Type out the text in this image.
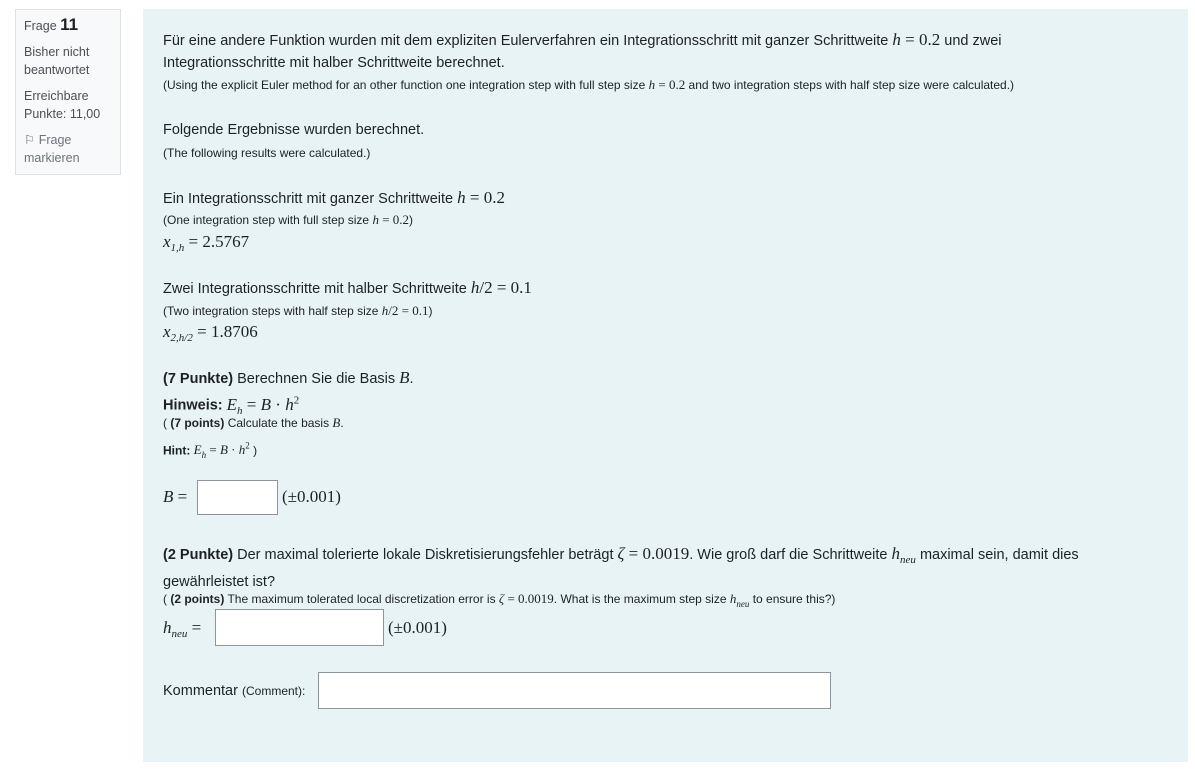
Frage 11
Bisher nicht beantwortet
Erreichbare Punkte: 11,00
⚐ Frage markieren
Für eine andere Funktion wurden mit dem expliziten Eulerverfahren ein Integrationsschritt mit ganzer Schrittweite h = 0.2 und zwei
Integrationsschritte mit halber Schrittweite berechnet.
(Using the explicit Euler method for an other function one integration step with full step size h = 0.2 and two integration steps with half step size were calculated.)
Folgende Ergebnisse wurden berechnet.
(The following results were calculated.)
Ein Integrationsschritt mit ganzer Schrittweite h = 0.2
(One integration step with full step size h = 0.2)
$x_{1,h} = 2.5767$
Zwei Integrationsschritte mit halber Schrittweite h/2 = 0.1
(Two integration steps with half step size h/2 = 0.1)
$x_{2,h/2} = 1.8706$
(7 Punkte) Berechnen Sie die Basis B.
Hinweis: $E_h = B \cdot h^2$
( (7 points) Calculate the basis B.
Hint: $E_h = B \cdot h^2$ )
B =	(±0.001)
(2 Punkte) Der maximal tolerierte lokale Diskretisierungsfehler beträgt ζ = 0.0019. Wie groß darf die Schrittweite $h_{neu}$ maximal sein, damit dies
gewährleistet ist?
( (2 points) The maximum tolerated local discretization error is ζ = 0.0019. What is the maximum step size $h_{neu}$ to ensure this?)
$h_{neu}$ =	(±0.001)
Kommentar (Comment):
